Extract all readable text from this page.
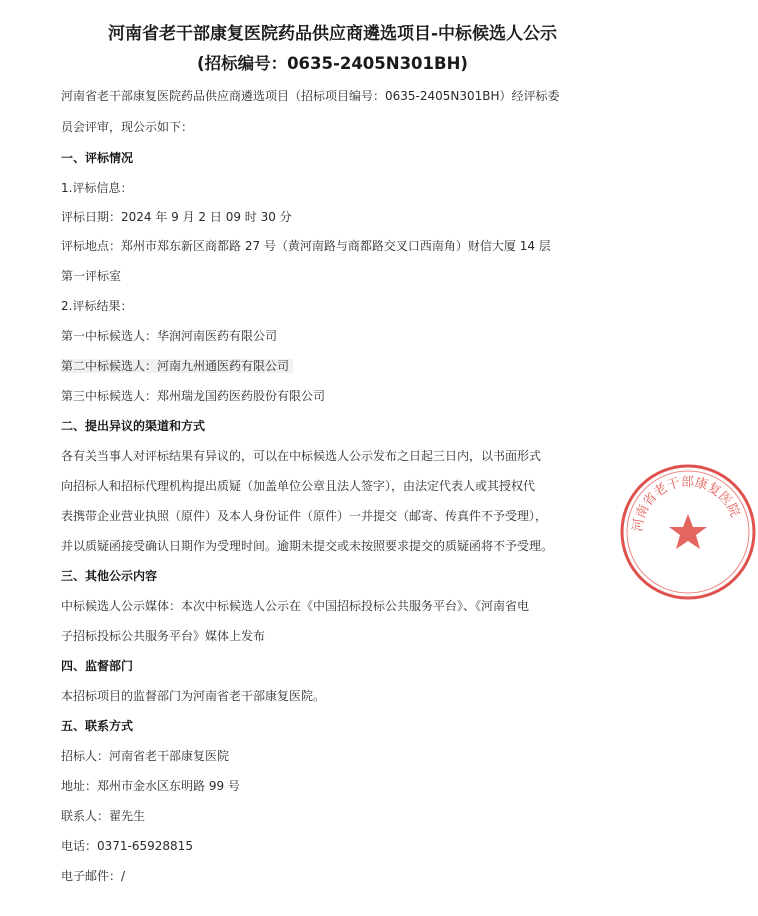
河南省老干部康复医院药品供应商遴选项目-中标候选人公示
(招标编号：0635-2405N301BH)
河南省老干部康复医院药品供应商遴选项目（招标项目编号：0635-2405N301BH）经评标委
员会评审，现公示如下：
一、评标情况
1.评标信息：
评标日期：2024 年 9 月 2 日 09 时 30 分
评标地点：郑州市郑东新区商都路 27 号（黄河南路与商都路交叉口西南角）财信大厦 14 层
第一评标室
2.评标结果：
第一中标候选人：华润河南医药有限公司
第二中标候选人：河南九州通医药有限公司
第三中标候选人：郑州瑞龙国药医药股份有限公司
二、提出异议的渠道和方式
各有关当事人对评标结果有异议的，可以在中标候选人公示发布之日起三日内，以书面形式
向招标人和招标代理机构提出质疑（加盖单位公章且法人签字），由法定代表人或其授权代
表携带企业营业执照（原件）及本人身份证件（原件）一并提交（邮寄、传真件不予受理），
并以质疑函接受确认日期作为受理时间。逾期未提交或未按照要求提交的质疑函将不予受理。
三、其他公示内容
中标候选人公示媒体：本次中标候选人公示在《中国招标投标公共服务平台》、《河南省电
子招标投标公共服务平台》媒体上发布
四、监督部门
本招标项目的监督部门为河南省老干部康复医院。
五、联系方式
招标人：河南省老干部康复医院
地址：郑州市金水区东明路 99 号
联系人：翟先生
电话：0371-65928815
电子邮件：/
河南省老干部康复医院
